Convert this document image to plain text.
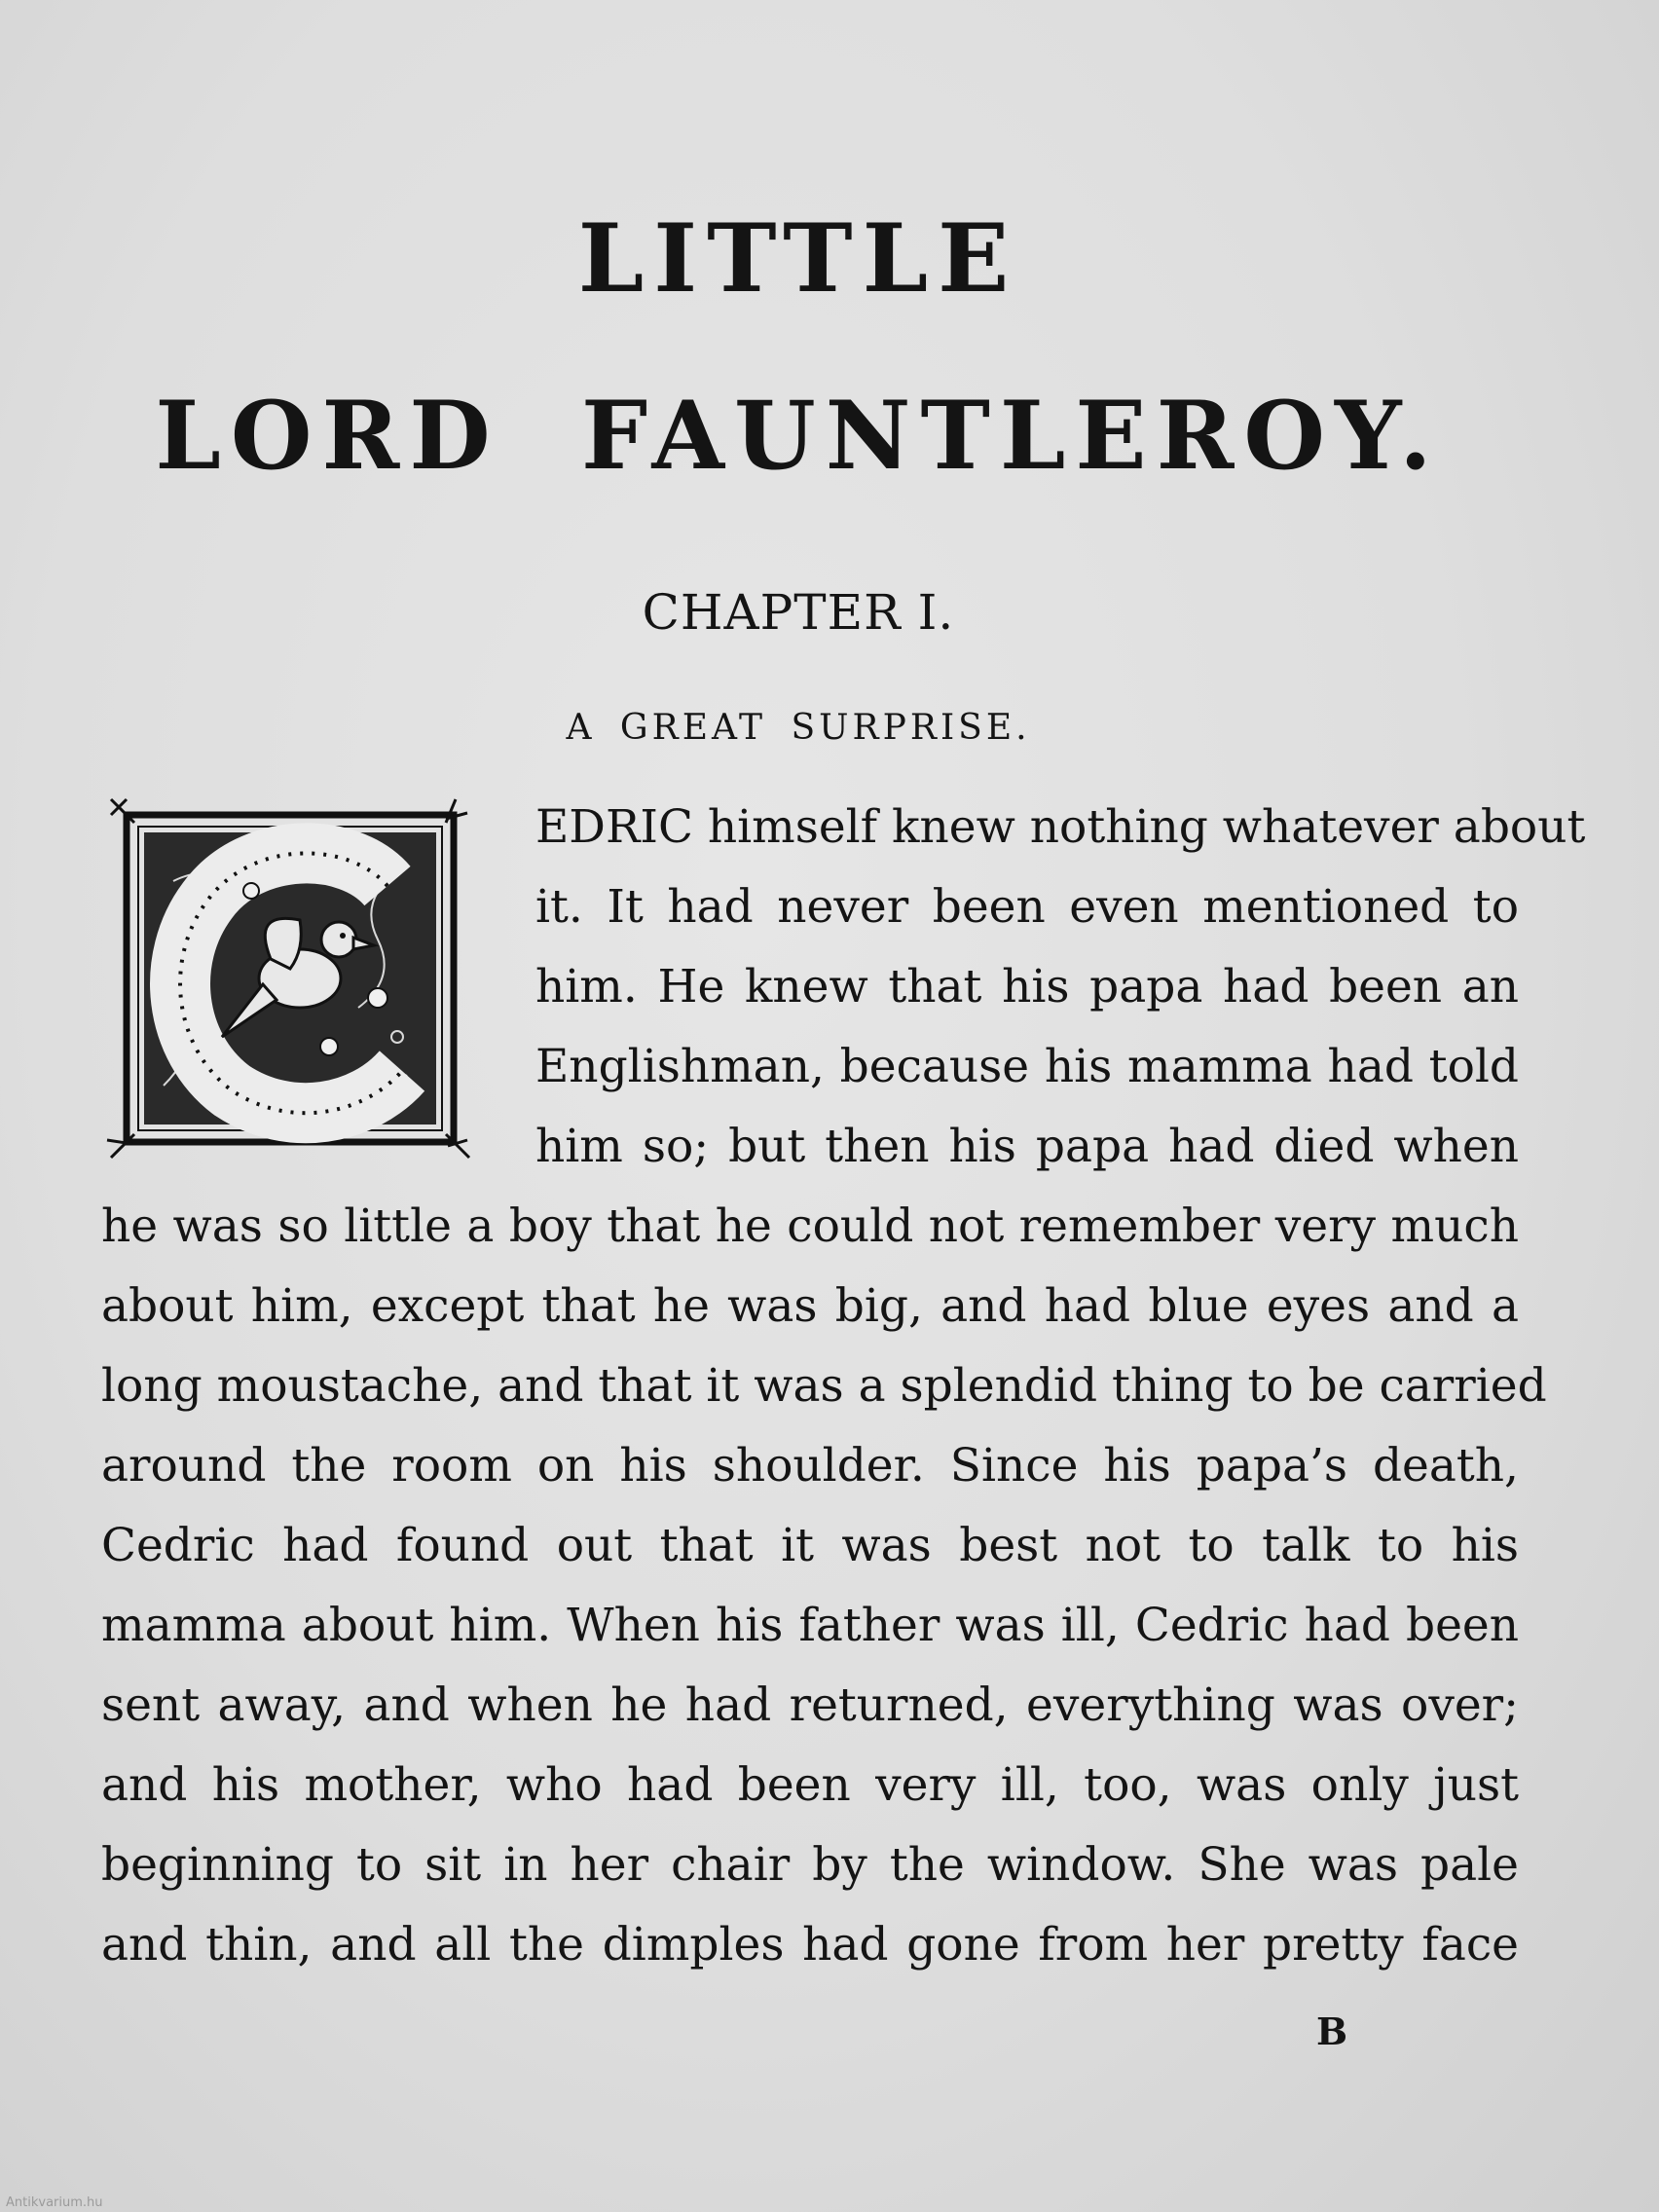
LITTLE
LORD FAUNTLEROY.
CHAPTER I.
A GREAT SURPRISE.
EDRIC himself knew nothing whatever about
it. It had never been even mentioned to
him. He knew that his papa had been an
Englishman, because his mamma had told
him so; but then his papa had died when
he was so little a boy that he could not remember very much
about him, except that he was big, and had blue eyes and a
long moustache, and that it was a splendid thing to be carried
around the room on his shoulder. Since his papa’s death,
Cedric had found out that it was best not to talk to his
mamma about him. When his father was ill, Cedric had been
sent away, and when he had returned, everything was over;
and his mother, who had been very ill, too, was only just
beginning to sit in her chair by the window. She was pale
and thin, and all the dimples had gone from her pretty face
B
Antikvarium.hu
